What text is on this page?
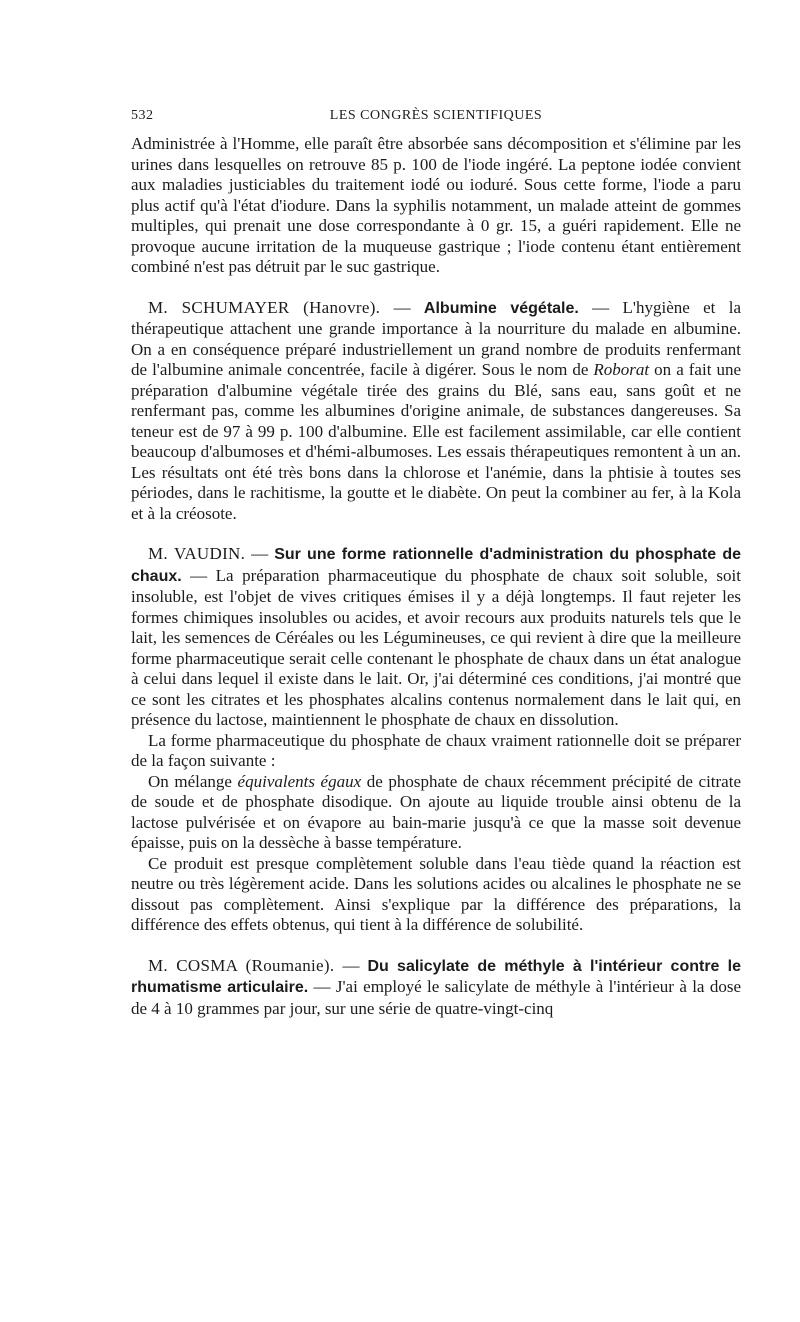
532	LES CONGRÈS SCIENTIFIQUES

Administrée à l'Homme, elle paraît être absorbée sans décomposition et s'élimine par les urines dans lesquelles on retrouve 85 p. 100 de l'iode ingéré. La peptone iodée convient aux maladies justiciables du traitement iodé ou ioduré. Sous cette forme, l'iode a paru plus actif qu'à l'état d'iodure. Dans la syphilis notamment, un malade atteint de gommes multiples, qui prenait une dose correspondante à 0 gr. 15, a guéri rapidement. Elle ne provoque aucune irritation de la muqueuse gastrique ; l'iode contenu étant entièrement combiné n'est pas détruit par le suc gastrique.

M. SCHUMAYER (Hanovre). — Albumine végétale. — L'hygiène et la thérapeutique attachent une grande importance à la nourriture du malade en albumine. On a en conséquence préparé industriellement un grand nombre de produits renfermant de l'albumine animale concentrée, facile à digérer. Sous le nom de Roborat on a fait une préparation d'albumine végétale tirée des grains du Blé, sans eau, sans goût et ne renfermant pas, comme les albumines d'origine animale, de substances dangereuses. Sa teneur est de 97 à 99 p. 100 d'albumine. Elle est facilement assimilable, car elle contient beaucoup d'albumoses et d'hémi-albumoses. Les essais thérapeutiques remontent à un an. Les résultats ont été très bons dans la chlorose et l'anémie, dans la phtisie à toutes ses périodes, dans le rachitisme, la goutte et le diabète. On peut la combiner au fer, à la Kola et à la créosote.

M. VAUDIN. — Sur une forme rationnelle d'administration du phosphate de chaux. — La préparation pharmaceutique du phosphate de chaux soit soluble, soit insoluble, est l'objet de vives critiques émises il y a déjà longtemps. Il faut rejeter les formes chimiques insolubles ou acides, et avoir recours aux produits naturels tels que le lait, les semences de Céréales ou les Légumineuses, ce qui revient à dire que la meilleure forme pharmaceutique serait celle contenant le phosphate de chaux dans un état analogue à celui dans lequel il existe dans le lait. Or, j'ai déterminé ces conditions, j'ai montré que ce sont les citrates et les phosphates alcalins contenus normalement dans le lait qui, en présence du lactose, maintiennent le phosphate de chaux en dissolution.

La forme pharmaceutique du phosphate de chaux vraiment rationnelle doit se préparer de la façon suivante :

On mélange équivalents égaux de phosphate de chaux récemment précipité de citrate de soude et de phosphate disodique. On ajoute au liquide trouble ainsi obtenu de la lactose pulvérisée et on évapore au bain-marie jusqu'à ce que la masse soit devenue épaisse, puis on la dessèche à basse température.

Ce produit est presque complètement soluble dans l'eau tiède quand la réaction est neutre ou très légèrement acide. Dans les solutions acides ou alcalines le phosphate ne se dissout pas complètement. Ainsi s'explique par la différence des préparations, la différence des effets obtenus, qui tient à la différence de solubilité.

M. COSMA (Roumanie). — Du salicylate de méthyle à l'intérieur contre le rhumatisme articulaire. — J'ai employé le salicylate de méthyle à l'intérieur à la dose de 4 à 10 grammes par jour, sur une série de quatre-vingt-cinq
